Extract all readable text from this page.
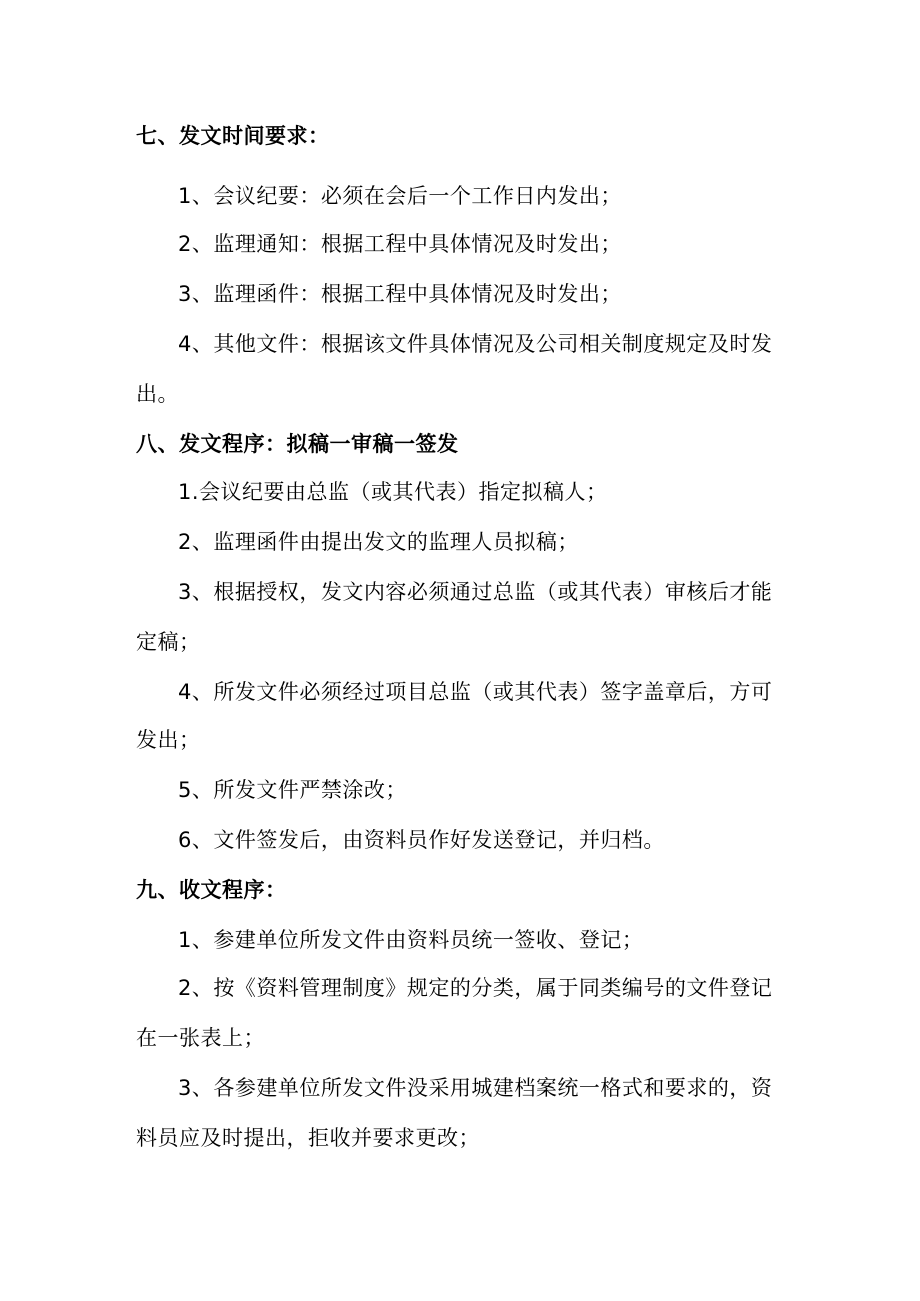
七、发文时间要求：
1、会议纪要：必须在会后一个工作日内发出；
2、监理通知：根据工程中具体情况及时发出；
3、监理函件：根据工程中具体情况及时发出；
4、其他文件：根据该文件具体情况及公司相关制度规定及时发
出。
八、发文程序：拟稿一审稿一签发
1.会议纪要由总监（或其代表）指定拟稿人；
2、监理函件由提出发文的监理人员拟稿；
3、根据授权，发文内容必须通过总监（或其代表）审核后才能
定稿；
4、所发文件必须经过项目总监（或其代表）签字盖章后，方可
发出；
5、所发文件严禁涂改；
6、文件签发后，由资料员作好发送登记，并归档。
九、收文程序：
1、参建单位所发文件由资料员统一签收、登记；
2、按《资料管理制度》规定的分类，属于同类编号的文件登记
在一张表上；
3、各参建单位所发文件没采用城建档案统一格式和要求的，资
料员应及时提出，拒收并要求更改；
